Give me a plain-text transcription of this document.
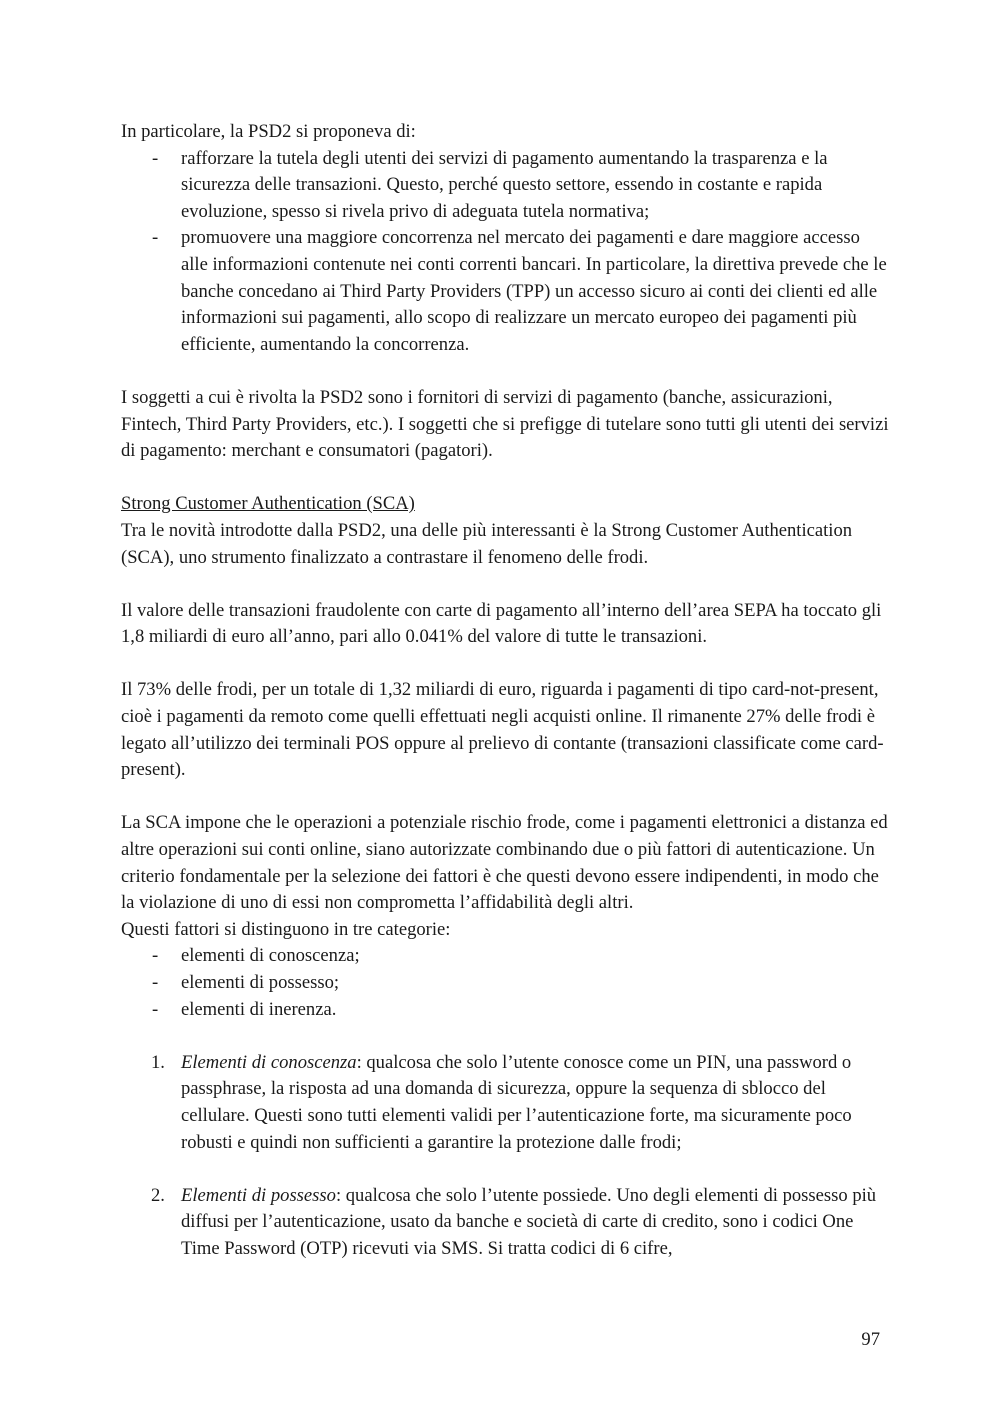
In particolare, la PSD2 si proponeva di:

- rafforzare la tutela degli utenti dei servizi di pagamento aumentando la trasparenza e la sicurezza delle transazioni. Questo, perché questo settore, essendo in costante e rapida evoluzione, spesso si rivela privo di adeguata tutela normativa;
- promuovere una maggiore concorrenza nel mercato dei pagamenti e dare maggiore accesso alle informazioni contenute nei conti correnti bancari. In particolare, la direttiva prevede che le banche concedano ai Third Party Providers (TPP) un accesso sicuro ai conti dei clienti ed alle informazioni sui pagamenti, allo scopo di realizzare un mercato europeo dei pagamenti più efficiente, aumentando la concorrenza.

I soggetti a cui è rivolta la PSD2 sono i fornitori di servizi di pagamento (banche, assicurazioni, Fintech, Third Party Providers, etc.). I soggetti che si prefigge di tutelare sono tutti gli utenti dei servizi di pagamento: merchant e consumatori (pagatori).

Strong Customer Authentication (SCA)

Tra le novità introdotte dalla PSD2, una delle più interessanti è la Strong Customer Authentication (SCA), uno strumento finalizzato a contrastare il fenomeno delle frodi.

Il valore delle transazioni fraudolente con carte di pagamento all’interno dell’area SEPA ha toccato gli 1,8 miliardi di euro all’anno, pari allo 0.041% del valore di tutte le transazioni.

Il 73% delle frodi, per un totale di 1,32 miliardi di euro, riguarda i pagamenti di tipo card-not-present, cioè i pagamenti da remoto come quelli effettuati negli acquisti online. Il rimanente 27% delle frodi è legato all’utilizzo dei terminali POS oppure al prelievo di contante (transazioni classificate come card-present).

La SCA impone che le operazioni a potenziale rischio frode, come i pagamenti elettronici a distanza ed altre operazioni sui conti online, siano autorizzate combinando due o più fattori di autenticazione. Un criterio fondamentale per la selezione dei fattori è che questi devono essere indipendenti, in modo che la violazione di uno di essi non comprometta l’affidabilità degli altri.

Questi fattori si distinguono in tre categorie:

- elementi di conoscenza;
- elementi di possesso;
- elementi di inerenza.
1. Elementi di conoscenza: qualcosa che solo l’utente conosce come un PIN, una password o passphrase, la risposta ad una domanda di sicurezza, oppure la sequenza di sblocco del cellulare. Questi sono tutti elementi validi per l’autenticazione forte, ma sicuramente poco robusti e quindi non sufficienti a garantire la protezione dalle frodi;
2. Elementi di possesso: qualcosa che solo l’utente possiede. Uno degli elementi di possesso più diffusi per l’autenticazione, usato da banche e società di carte di credito, sono i codici One Time Password (OTP) ricevuti via SMS. Si tratta codici di 6 cifre,
97
